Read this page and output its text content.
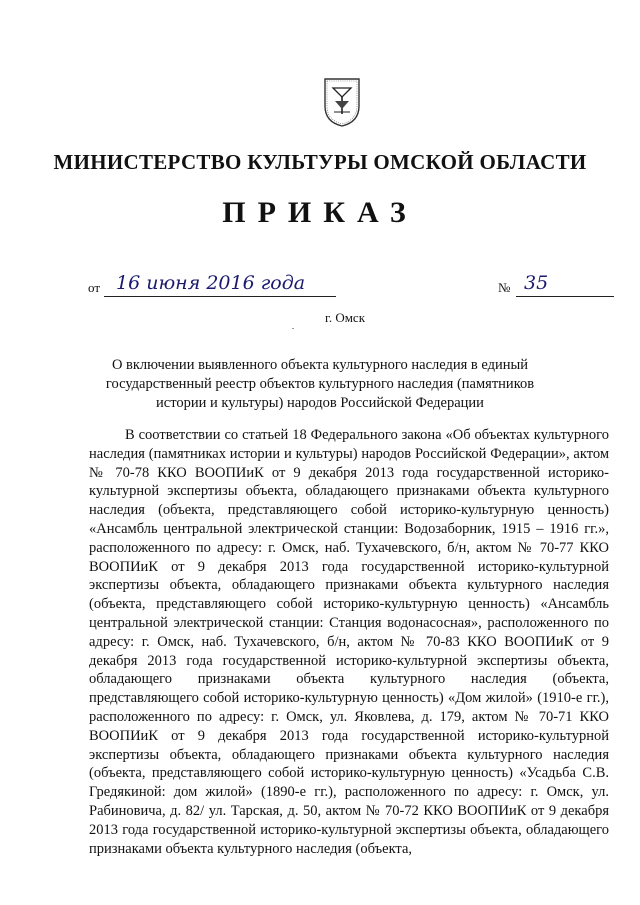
МИНИСТЕРСТВО КУЛЬТУРЫ ОМСКОЙ ОБЛАСТИ
ПРИКАЗ
от 16 июня 2016 года	№ 35
г. Омск
О включении выявленного объекта культурного наследия в единый государственный реестр объектов культурного наследия (памятников истории и культуры) народов Российской Федерации

В соответствии со статьей 18 Федерального закона «Об объектах культурного наследия (памятниках истории и культуры) народов Российской Федерации», актом № 70-78 ККО ВООПИиК от 9 декабря 2013 года государственной историко-культурной экспертизы объекта, обладающего признаками объекта культурного наследия (объекта, представляющего собой историко-культурную ценность) «Ансамбль центральной электрической станции: Водозаборник, 1915 – 1916 гг.», расположенного по адресу: г. Омск, наб. Тухачевского, б/н, актом № 70-77 ККО ВООПИиК от 9 декабря 2013 года государственной историко-культурной экспертизы объекта, обладающего признаками объекта культурного наследия (объекта, представляющего собой историко-культурную ценность) «Ансамбль центральной электрической станции: Станция водонасосная», расположенного по адресу: г. Омск, наб. Тухачевского, б/н, актом № 70-83 ККО ВООПИиК от 9 декабря 2013 года государственной историко-культурной экспертизы объекта, обладающего признаками объекта культурного наследия (объекта, представляющего собой историко-культурную ценность) «Дом жилой» (1910-е гг.), расположенного по адресу: г. Омск, ул. Яковлева, д. 179, актом № 70-71 ККО ВООПИиК от 9 декабря 2013 года государственной историко-культурной экспертизы объекта, обладающего признаками объекта культурного наследия (объекта, представляющего собой историко-культурную ценность) «Усадьба С.В. Гредякиной: дом жилой» (1890-е гг.), расположенного по адресу: г. Омск, ул. Рабиновича, д. 82/ ул. Тарская, д. 50, актом № 70-72 ККО ВООПИиК от 9 декабря 2013 года государственной историко-культурной экспертизы объекта, обладающего признаками объекта культурного наследия (объекта,
